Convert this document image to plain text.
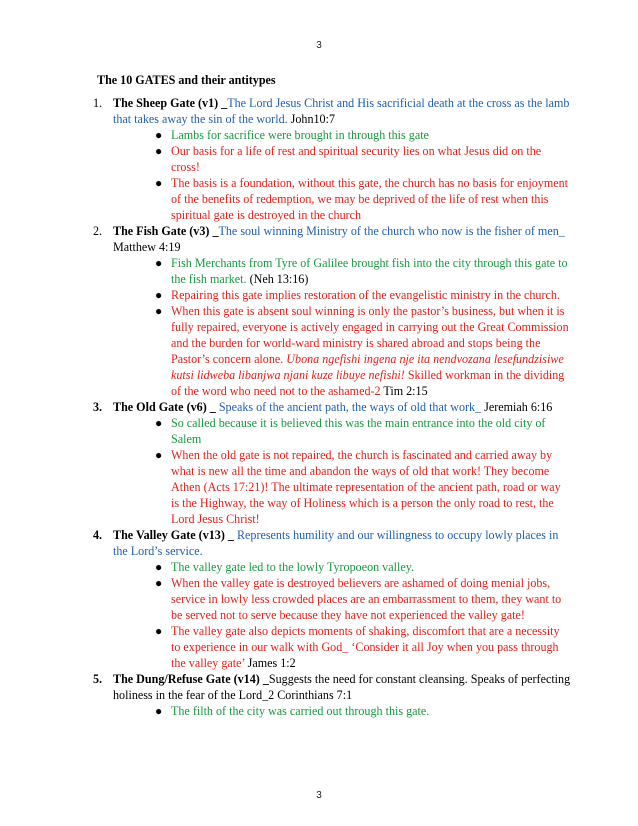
3
The 10 GATES and their antitypes
1. The Sheep Gate (v1) _The Lord Jesus Christ and His sacrificial death at the cross as the lamb that takes away the sin of the world. John10:7
● Lambs for sacrifice were brought in through this gate
● Our basis for a life of rest and spiritual security lies on what Jesus did on the cross!
● The basis is a foundation, without this gate, the church has no basis for enjoyment of the benefits of redemption, we may be deprived of the life of rest when this spiritual gate is destroyed in the church
2. The Fish Gate (v3) _The soul winning Ministry of the church who now is the fisher of men_ Matthew 4:19
● Fish Merchants from Tyre of Galilee brought fish into the city through this gate to the fish market. (Neh 13:16)
● Repairing this gate implies restoration of the evangelistic ministry in the church.
● When this gate is absent soul winning is only the pastor’s business, but when it is fully repaired, everyone is actively engaged in carrying out the Great Commission and the burden for world-ward ministry is shared abroad and stops being the Pastor’s concern alone. Ubona ngefishi ingena nje ita nendvozana lesefundzisiwe kutsi lidweba libanjwa njani kuze libuye nefishi! Skilled workman in the dividing of the word who need not to the ashamed-2 Tim 2:15
3. The Old Gate (v6) _ Speaks of the ancient path, the ways of old that work_ Jeremiah 6:16
● So called because it is believed this was the main entrance into the old city of Salem
● When the old gate is not repaired, the church is fascinated and carried away by what is new all the time and abandon the ways of old that work! They become Athen (Acts 17:21)! The ultimate representation of the ancient path, road or way is the Highway, the way of Holiness which is a person the only road to rest, the Lord Jesus Christ!
4. The Valley Gate (v13) _ Represents humility and our willingness to occupy lowly places in the Lord’s service.
● The valley gate led to the lowly Tyropoeon valley.
● When the valley gate is destroyed believers are ashamed of doing menial jobs, service in lowly less crowded places are an embarrassment to them, they want to be served not to serve because they have not experienced the valley gate!
● The valley gate also depicts moments of shaking, discomfort that are a necessity to experience in our walk with God_ ‘Consider it all Joy when you pass through the valley gate’ James 1:2
5. The Dung/Refuse Gate (v14) _Suggests the need for constant cleansing. Speaks of perfecting holiness in the fear of the Lord_2 Corinthians 7:1
● The filth of the city was carried out through this gate.
3
